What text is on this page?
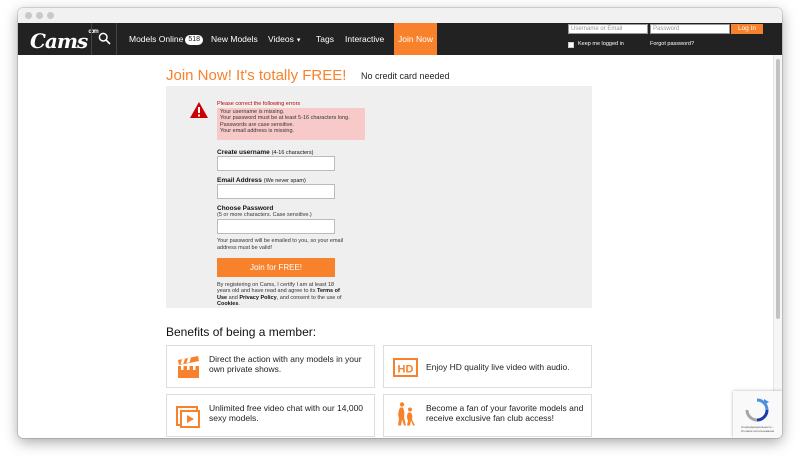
Cams$^{com}$
Models Online 518	New Models Videos ▾ Tags Interactive	Join Now
Username or Email	Password	Log In
Keep me logged in	Forgot password?
Join Now! It's totally FREE! No credit card needed
Please correct the following errors
Your username is missing.
Your password must be at least 5-16 characters long.
Passwords are case sensitive.
Your email address is missing.
Create username (4-16 characters)
Email Address (We never spam)
Choose Password
(5 or more characters. Case sensitive.)
Your password will be emailed to you, so your email address must be valid!
Join for FREE!
By registering on Cams, I certify I am at least 18 years old and have read and agree to its Terms of Use and Privacy Policy, and consent to the use of Cookies.
Benefits of being a member:
Direct the action with any models in your own private shows.	HD Enjoy HD quality live video with audio.
Unlimited free video chat with our 14,000 sexy models.
Become a fan of your favorite models and receive exclusive fan club access!
Конфиденциальность - Условия использования
